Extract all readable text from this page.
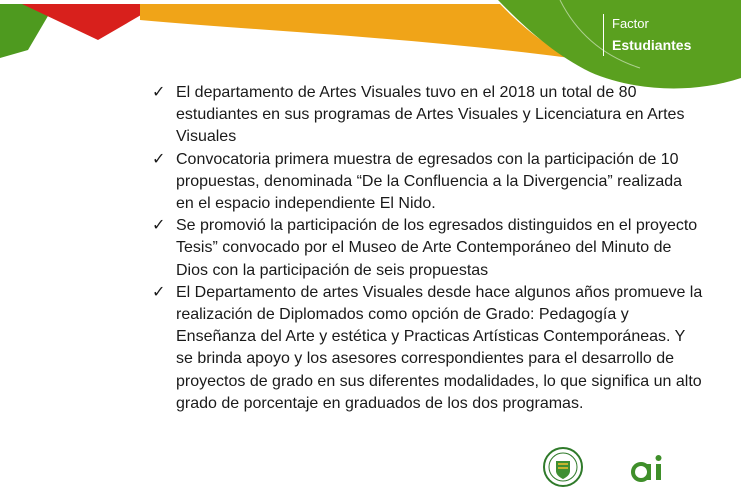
Factor
Estudiantes
✓ El departamento de Artes Visuales tuvo en el 2018 un total de 80 estudiantes en sus programas de Artes Visuales y Licenciatura en Artes Visuales
✓ Convocatoria primera muestra de egresados con la participación de 10 propuestas, denominada “De la Confluencia a la Divergencia” realizada en el espacio independiente El Nido.
✓ Se promovió la participación de los egresados distinguidos en el proyecto Tesis” convocado por el Museo de Arte Contemporáneo del Minuto de Dios con la participación de seis propuestas
✓ El Departamento de artes Visuales desde hace algunos años promueve la realización de Diplomados como opción de Grado: Pedagogía y Enseñanza del Arte y estética y Practicas Artísticas Contemporáneas. Y se brinda apoyo y los asesores correspondientes para el desarrollo de proyectos de grado en sus diferentes modalidades, lo que significa un alto grado de porcentaje en graduados de los dos programas.
